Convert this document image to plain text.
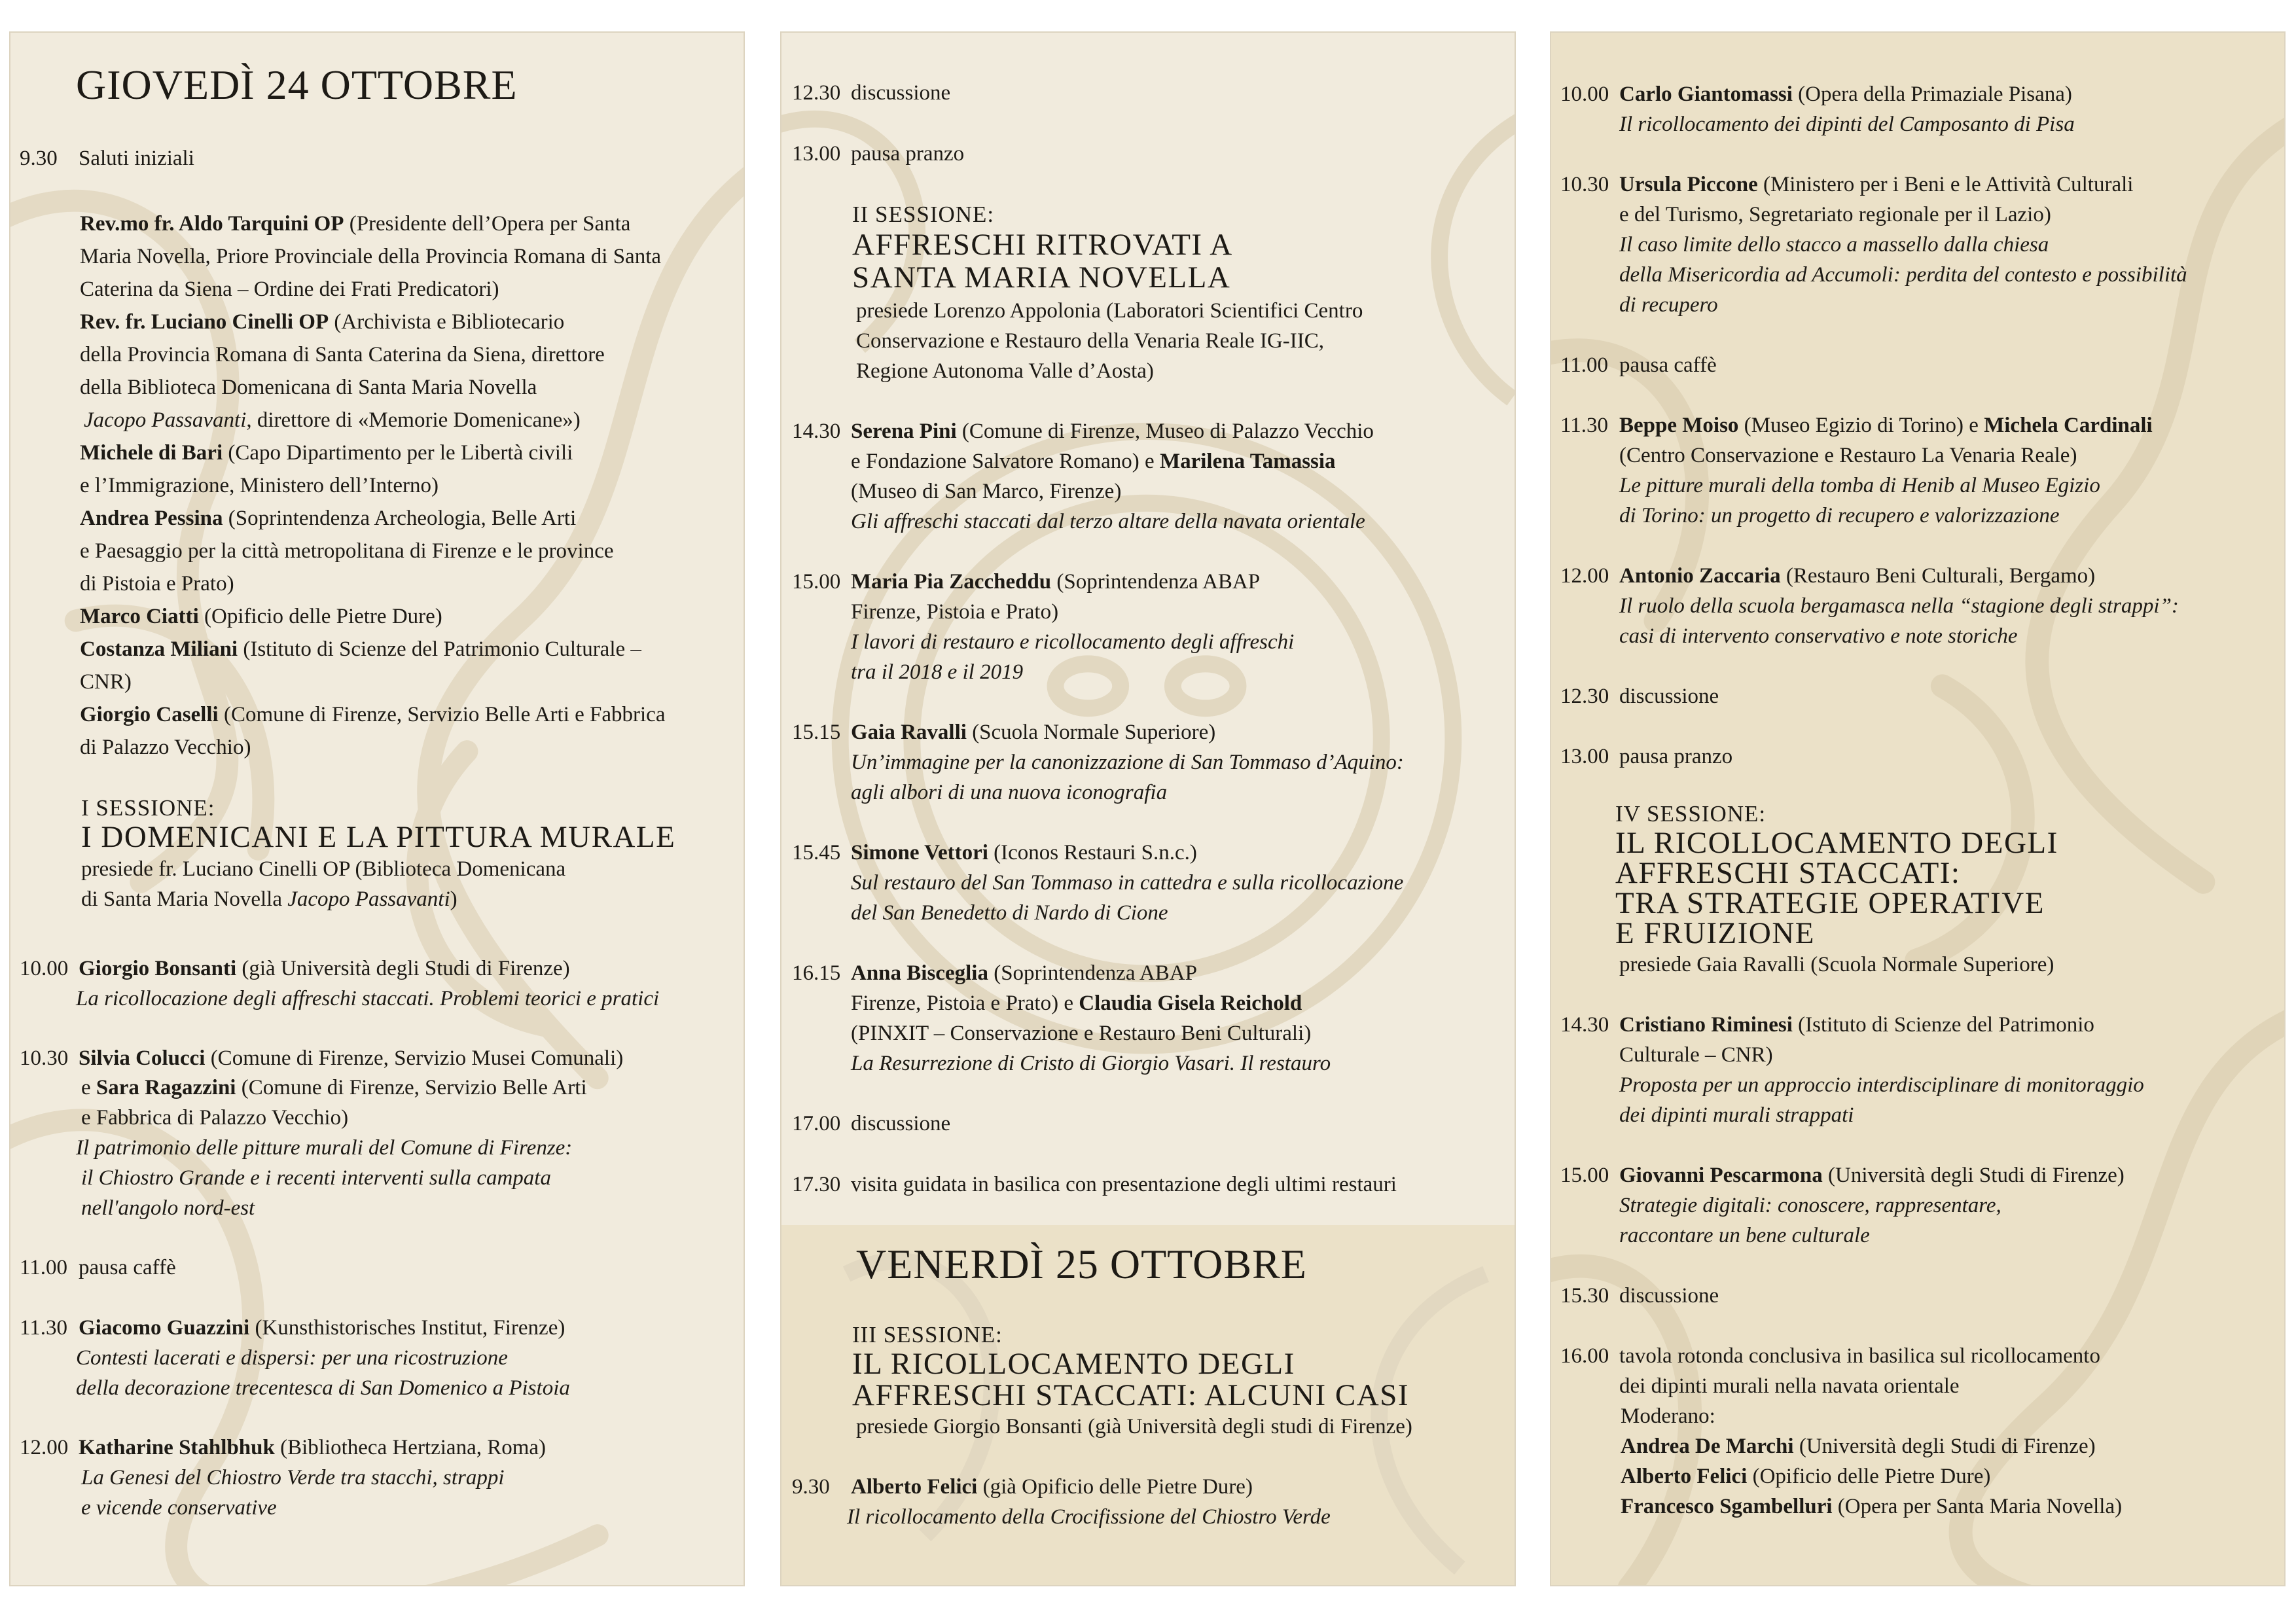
GIOVEDÌ 24 OTTOBRE
9.30 Saluti iniziali
Rev.mo fr. Aldo Tarquini OP (Presidente dell’Opera per Santa
Maria Novella, Priore Provinciale della Provincia Romana di Santa
Caterina da Siena – Ordine dei Frati Predicatori)
Rev. fr. Luciano Cinelli OP (Archivista e Bibliotecario
della Provincia Romana di Santa Caterina da Siena, direttore
della Biblioteca Domenicana di Santa Maria Novella
Jacopo Passavanti, direttore di «Memorie Domenicane»)
Michele di Bari (Capo Dipartimento per le Libertà civili
e l’Immigrazione, Ministero dell’Interno)
Andrea Pessina (Soprintendenza Archeologia, Belle Arti
e Paesaggio per la città metropolitana di Firenze e le province
di Pistoia e Prato)
Marco Ciatti (Opificio delle Pietre Dure)
Costanza Miliani (Istituto di Scienze del Patrimonio Culturale –
CNR)
Giorgio Caselli (Comune di Firenze, Servizio Belle Arti e Fabbrica
di Palazzo Vecchio)
I SESSIONE:
I DOMENICANI E LA PITTURA MURALE
presiede fr. Luciano Cinelli OP (Biblioteca Domenicana
di Santa Maria Novella Jacopo Passavanti)
10.00 Giorgio Bonsanti (già Università degli Studi di Firenze)
La ricollocazione degli affreschi staccati. Problemi teorici e pratici
10.30 Silvia Colucci (Comune di Firenze, Servizio Musei Comunali)
e Sara Ragazzini (Comune di Firenze, Servizio Belle Arti
e Fabbrica di Palazzo Vecchio)
Il patrimonio delle pitture murali del Comune di Firenze:
il Chiostro Grande e i recenti interventi sulla campata
nell'angolo nord-est
11.00 pausa caffè
11.30 Giacomo Guazzini (Kunsthistorisches Institut, Firenze)
Contesti lacerati e dispersi: per una ricostruzione
della decorazione trecentesca di San Domenico a Pistoia
12.00 Katharine Stahlbhuk (Bibliotheca Hertziana, Roma)
La Genesi del Chiostro Verde tra stacchi, strappi
e vicende conservative
12.30 discussione
13.00 pausa pranzo
II SESSIONE:
AFFRESCHI RITROVATI A
SANTA MARIA NOVELLA
presiede Lorenzo Appolonia (Laboratori Scientifici Centro
Conservazione e Restauro della Venaria Reale IG-IIC,
Regione Autonoma Valle d’Aosta)
14.30 Serena Pini (Comune di Firenze, Museo di Palazzo Vecchio
e Fondazione Salvatore Romano) e Marilena Tamassia
(Museo di San Marco, Firenze)
Gli affreschi staccati dal terzo altare della navata orientale
15.00 Maria Pia Zaccheddu (Soprintendenza ABAP
Firenze, Pistoia e Prato)
I lavori di restauro e ricollocamento degli affreschi
tra il 2018 e il 2019
15.15 Gaia Ravalli (Scuola Normale Superiore)
Un’immagine per la canonizzazione di San Tommaso d’Aquino:
agli albori di una nuova iconografia
15.45 Simone Vettori (Iconos Restauri S.n.c.)
Sul restauro del San Tommaso in cattedra e sulla ricollocazione
del San Benedetto di Nardo di Cione
16.15 Anna Bisceglia (Soprintendenza ABAP
Firenze, Pistoia e Prato) e Claudia Gisela Reichold
(PINXIT – Conservazione e Restauro Beni Culturali)
La Resurrezione di Cristo di Giorgio Vasari. Il restauro
17.00 discussione
17.30 visita guidata in basilica con presentazione degli ultimi restauri
VENERDÌ 25 OTTOBRE
III SESSIONE:
IL RICOLLOCAMENTO DEGLI
AFFRESCHI STACCATI: ALCUNI CASI
presiede Giorgio Bonsanti (già Università degli studi di Firenze)
9.30 Alberto Felici (già Opificio delle Pietre Dure)
Il ricollocamento della Crocifissione del Chiostro Verde
10.00 Carlo Giantomassi (Opera della Primaziale Pisana)
Il ricollocamento dei dipinti del Camposanto di Pisa
10.30 Ursula Piccone (Ministero per i Beni e le Attività Culturali
e del Turismo, Segretariato regionale per il Lazio)
Il caso limite dello stacco a massello dalla chiesa
della Misericordia ad Accumoli: perdita del contesto e possibilità
di recupero
11.00 pausa caffè
11.30 Beppe Moiso (Museo Egizio di Torino) e Michela Cardinali
(Centro Conservazione e Restauro La Venaria Reale)
Le pitture murali della tomba di Henib al Museo Egizio
di Torino: un progetto di recupero e valorizzazione
12.00 Antonio Zaccaria (Restauro Beni Culturali, Bergamo)
Il ruolo della scuola bergamasca nella “stagione degli strappi”:
casi di intervento conservativo e note storiche
12.30 discussione
13.00 pausa pranzo
IV SESSIONE:
IL RICOLLOCAMENTO DEGLI
AFFRESCHI STACCATI:
TRA STRATEGIE OPERATIVE
E FRUIZIONE
presiede Gaia Ravalli (Scuola Normale Superiore)
14.30 Cristiano Riminesi (Istituto di Scienze del Patrimonio
Culturale – CNR)
Proposta per un approccio interdisciplinare di monitoraggio
dei dipinti murali strappati
15.00 Giovanni Pescarmona (Università degli Studi di Firenze)
Strategie digitali: conoscere, rappresentare,
raccontare un bene culturale
15.30 discussione
16.00 tavola rotonda conclusiva in basilica sul ricollocamento
dei dipinti murali nella navata orientale
Moderano:
Andrea De Marchi (Università degli Studi di Firenze)
Alberto Felici (Opificio delle Pietre Dure)
Francesco Sgambelluri (Opera per Santa Maria Novella)
